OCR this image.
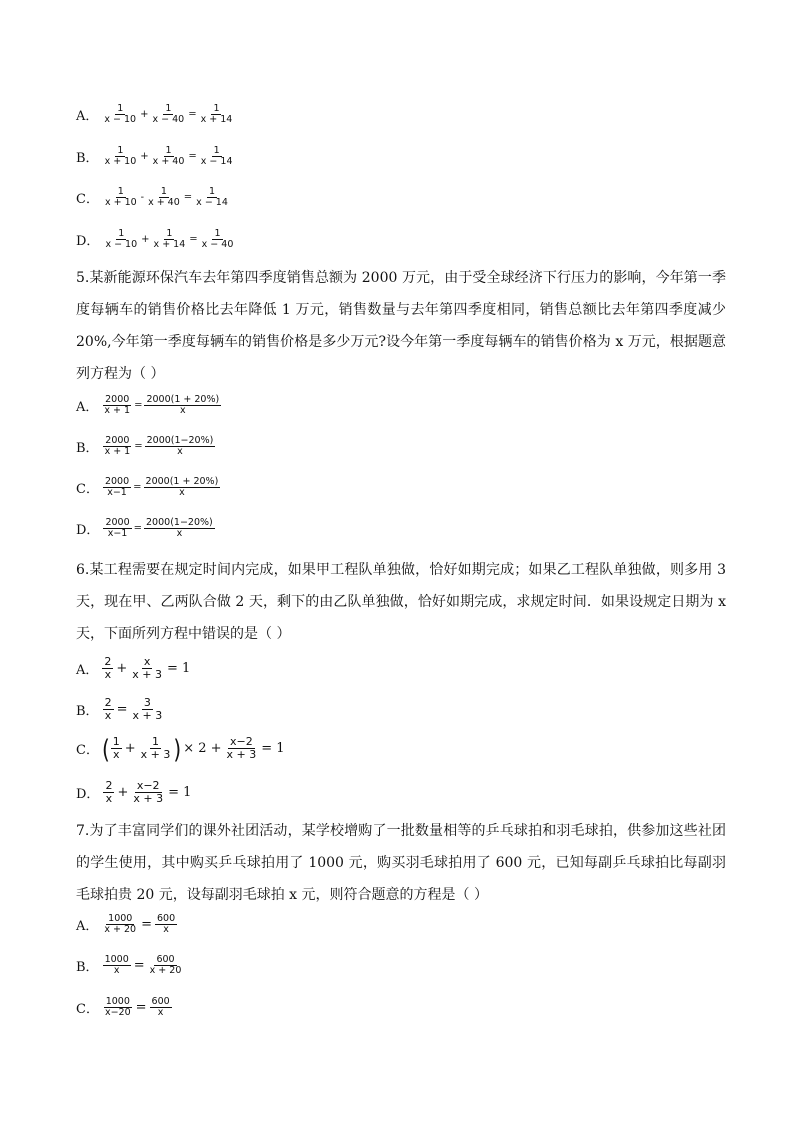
A． $\frac{1}{x - 10} + \frac{1}{x - 40} = \frac{1}{x + 14}$
B． $\frac{1}{x + 10} + \frac{1}{x + 40} = \frac{1}{x - 14}$
C． $\frac{1}{x + 10} - \frac{1}{x + 40} = \frac{1}{x - 14}$
D． $\frac{1}{x - 10} + \frac{1}{x + 14} = \frac{1}{x - 40}$
5.某新能源环保汽车去年第四季度销售总额为 2000 万元，由于受全球经济下行压力的影响，今年第一季度每辆车的销售价格比去年降低 1 万元，销售数量与去年第四季度相同，销售总额比去年第四季度减少 20%,今年第一季度每辆车的销售价格是多少万元?设今年第一季度每辆车的销售价格为 x 万元，根据题意列方程为（ ）
A． $\frac{2000}{x + 1} = \frac{2000(1 + 20\%)}{x}$
B． $\frac{2000}{x + 1} = \frac{2000(1-20\%)}{x}$
C． $\frac{2000}{x-1} = \frac{2000(1 + 20\%)}{x}$
D． $\frac{2000}{x-1} = \frac{2000(1-20\%)}{x}$
6.某工程需要在规定时间内完成，如果甲工程队单独做，恰好如期完成；如果乙工程队单独做，则多用 3 天，现在甲、乙两队合做 2 天，剩下的由乙队单独做，恰好如期完成，求规定时间．如果设规定日期为 x天，下面所列方程中错误的是（ ）
A． $\frac{2}{x} + \frac{x}{x + 3} = 1$
B． $\frac{2}{x} = \frac{3}{x + 3}$
C． ( $\frac{1}{x} + \frac{1}{x + 3}$ ) × $2 + \frac{x-2}{x + 3} = 1$
D． $\frac{2}{x} + \frac{x-2}{x + 3} = 1$
7.为了丰富同学们的课外社团活动，某学校增购了一批数量相等的乒乓球拍和羽毛球拍，供参加这些社团的学生使用，其中购买乒乓球拍用了 1000 元，购买羽毛球拍用了 600 元，已知每副乒乓球拍比每副羽毛球拍贵 20 元，设每副羽毛球拍 x 元，则符合题意的方程是（ ）
A． $\frac{1000}{x + 20} = \frac{600}{x}$
B． $\frac{1000}{x} = \frac{600}{x + 20}$
C． $\frac{1000}{x-20} = \frac{600}{x}$
